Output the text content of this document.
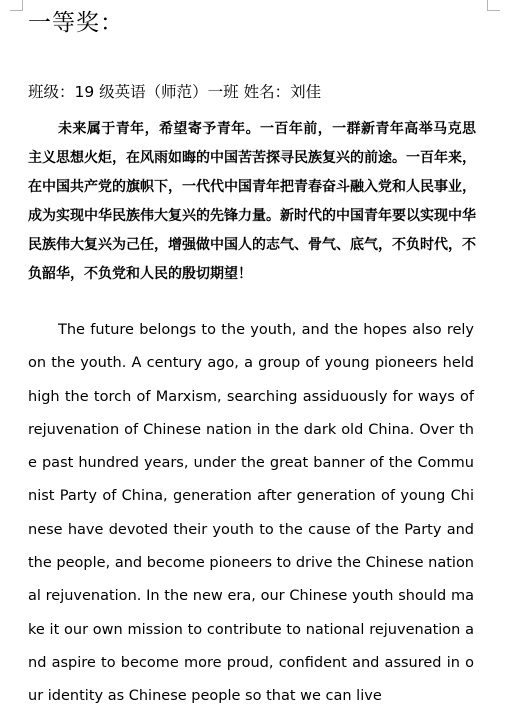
一等奖：
班级：19 级英语（师范）一班 姓名：刘佳

未来属于青年，希望寄予青年。一百年前，一群新青年高举马克思主义思想火炬，在风雨如晦的中国苦苦探寻民族复兴的前途。一百年来，在中国共产党的旗帜下，一代代中国青年把青春奋斗融入党和人民事业，成为实现中华民族伟大复兴的先锋力量。新时代的中国青年要以实现中华民族伟大复兴为己任，增强做中国人的志气、骨气、底气，不负时代，不负韶华，不负党和人民的殷切期望！

The future belongs to the youth, and the hopes also rely on the youth. A century ago, a group of young pioneers held high the torch of Marxism, searching assiduously for ways of rejuvenation of Chinese nation in the dark old China. Over the past hundred years, under the great banner of the Communist Party of China, generation after generation of young Chinese have devoted their youth to the cause of the Party and the people, and become pioneers to drive the Chinese national rejuvenation. In the new era, our Chinese youth should make it our own mission to contribute to national rejuvenation and aspire to become more proud, confident and assured in our identity as Chinese people so that we can live
